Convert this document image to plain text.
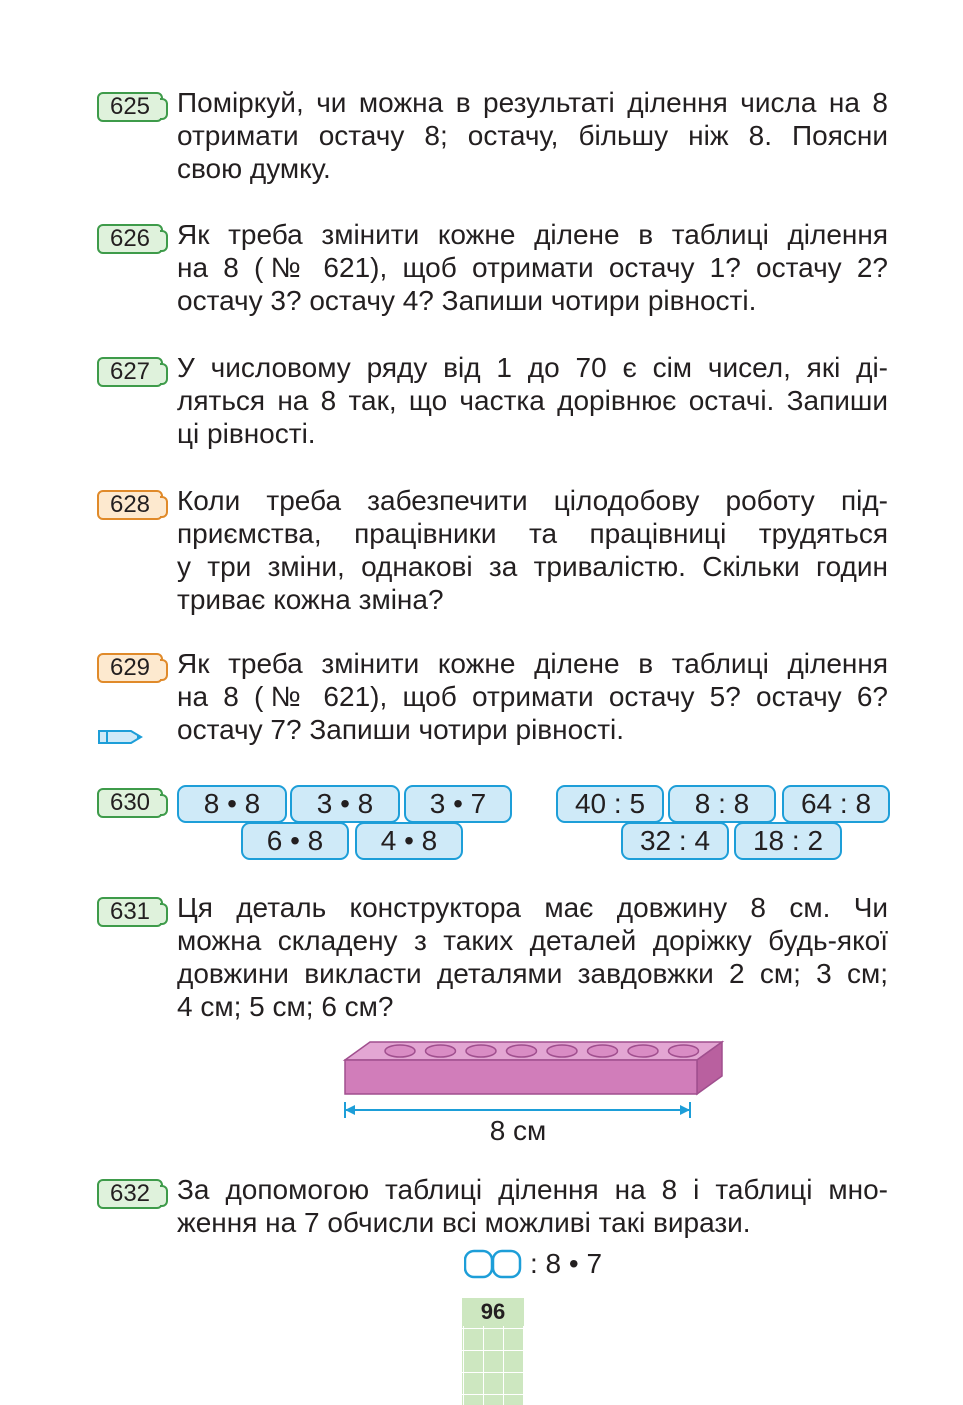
625 Поміркуй, чи можна в результаті ділення числа на 8
отримати остачу 8; остачу, більшу ніж 8. Поясни
свою думку.
626 Як треба змінити кожне ділене в таблиці ділення
на 8 (№ 621), щоб отримати остачу 1? остачу 2?
остачу 3? остачу 4? Запиши чотири рівності.
627 У числовому ряду від 1 до 70 є сім чисел, які ді-
ляться на 8 так, що частка дорівнює остачі. Запиши
ці рівності.
628 Коли треба забезпечити цілодобову роботу під-
приємства, працівники та працівниці трудяться
у три зміни, однакові за тривалістю. Скільки годин
триває кожна зміна?
629 Як треба змінити кожне ділене в таблиці ділення
на 8 (№ 621), щоб отримати остачу 5? остачу 6?
остачу 7? Запиши чотири рівності.
630	8 • 8	3 • 8	3 • 7
6 • 8	4 • 8
40 : 5	8 : 8	64 : 8
32 : 4	18 : 2
631 Ця деталь конструктора має довжину 8 см. Чи
можна складену з таких деталей доріжку будь-якої
довжини викласти деталями завдовжки 2 см; 3 см;
4 см; 5 см; 6 см?
8 см
632 За допомогою таблиці ділення на 8 і таблиці мно-
ження на 7 обчисли всі можливі такі вирази.
: 8 • 7
96
